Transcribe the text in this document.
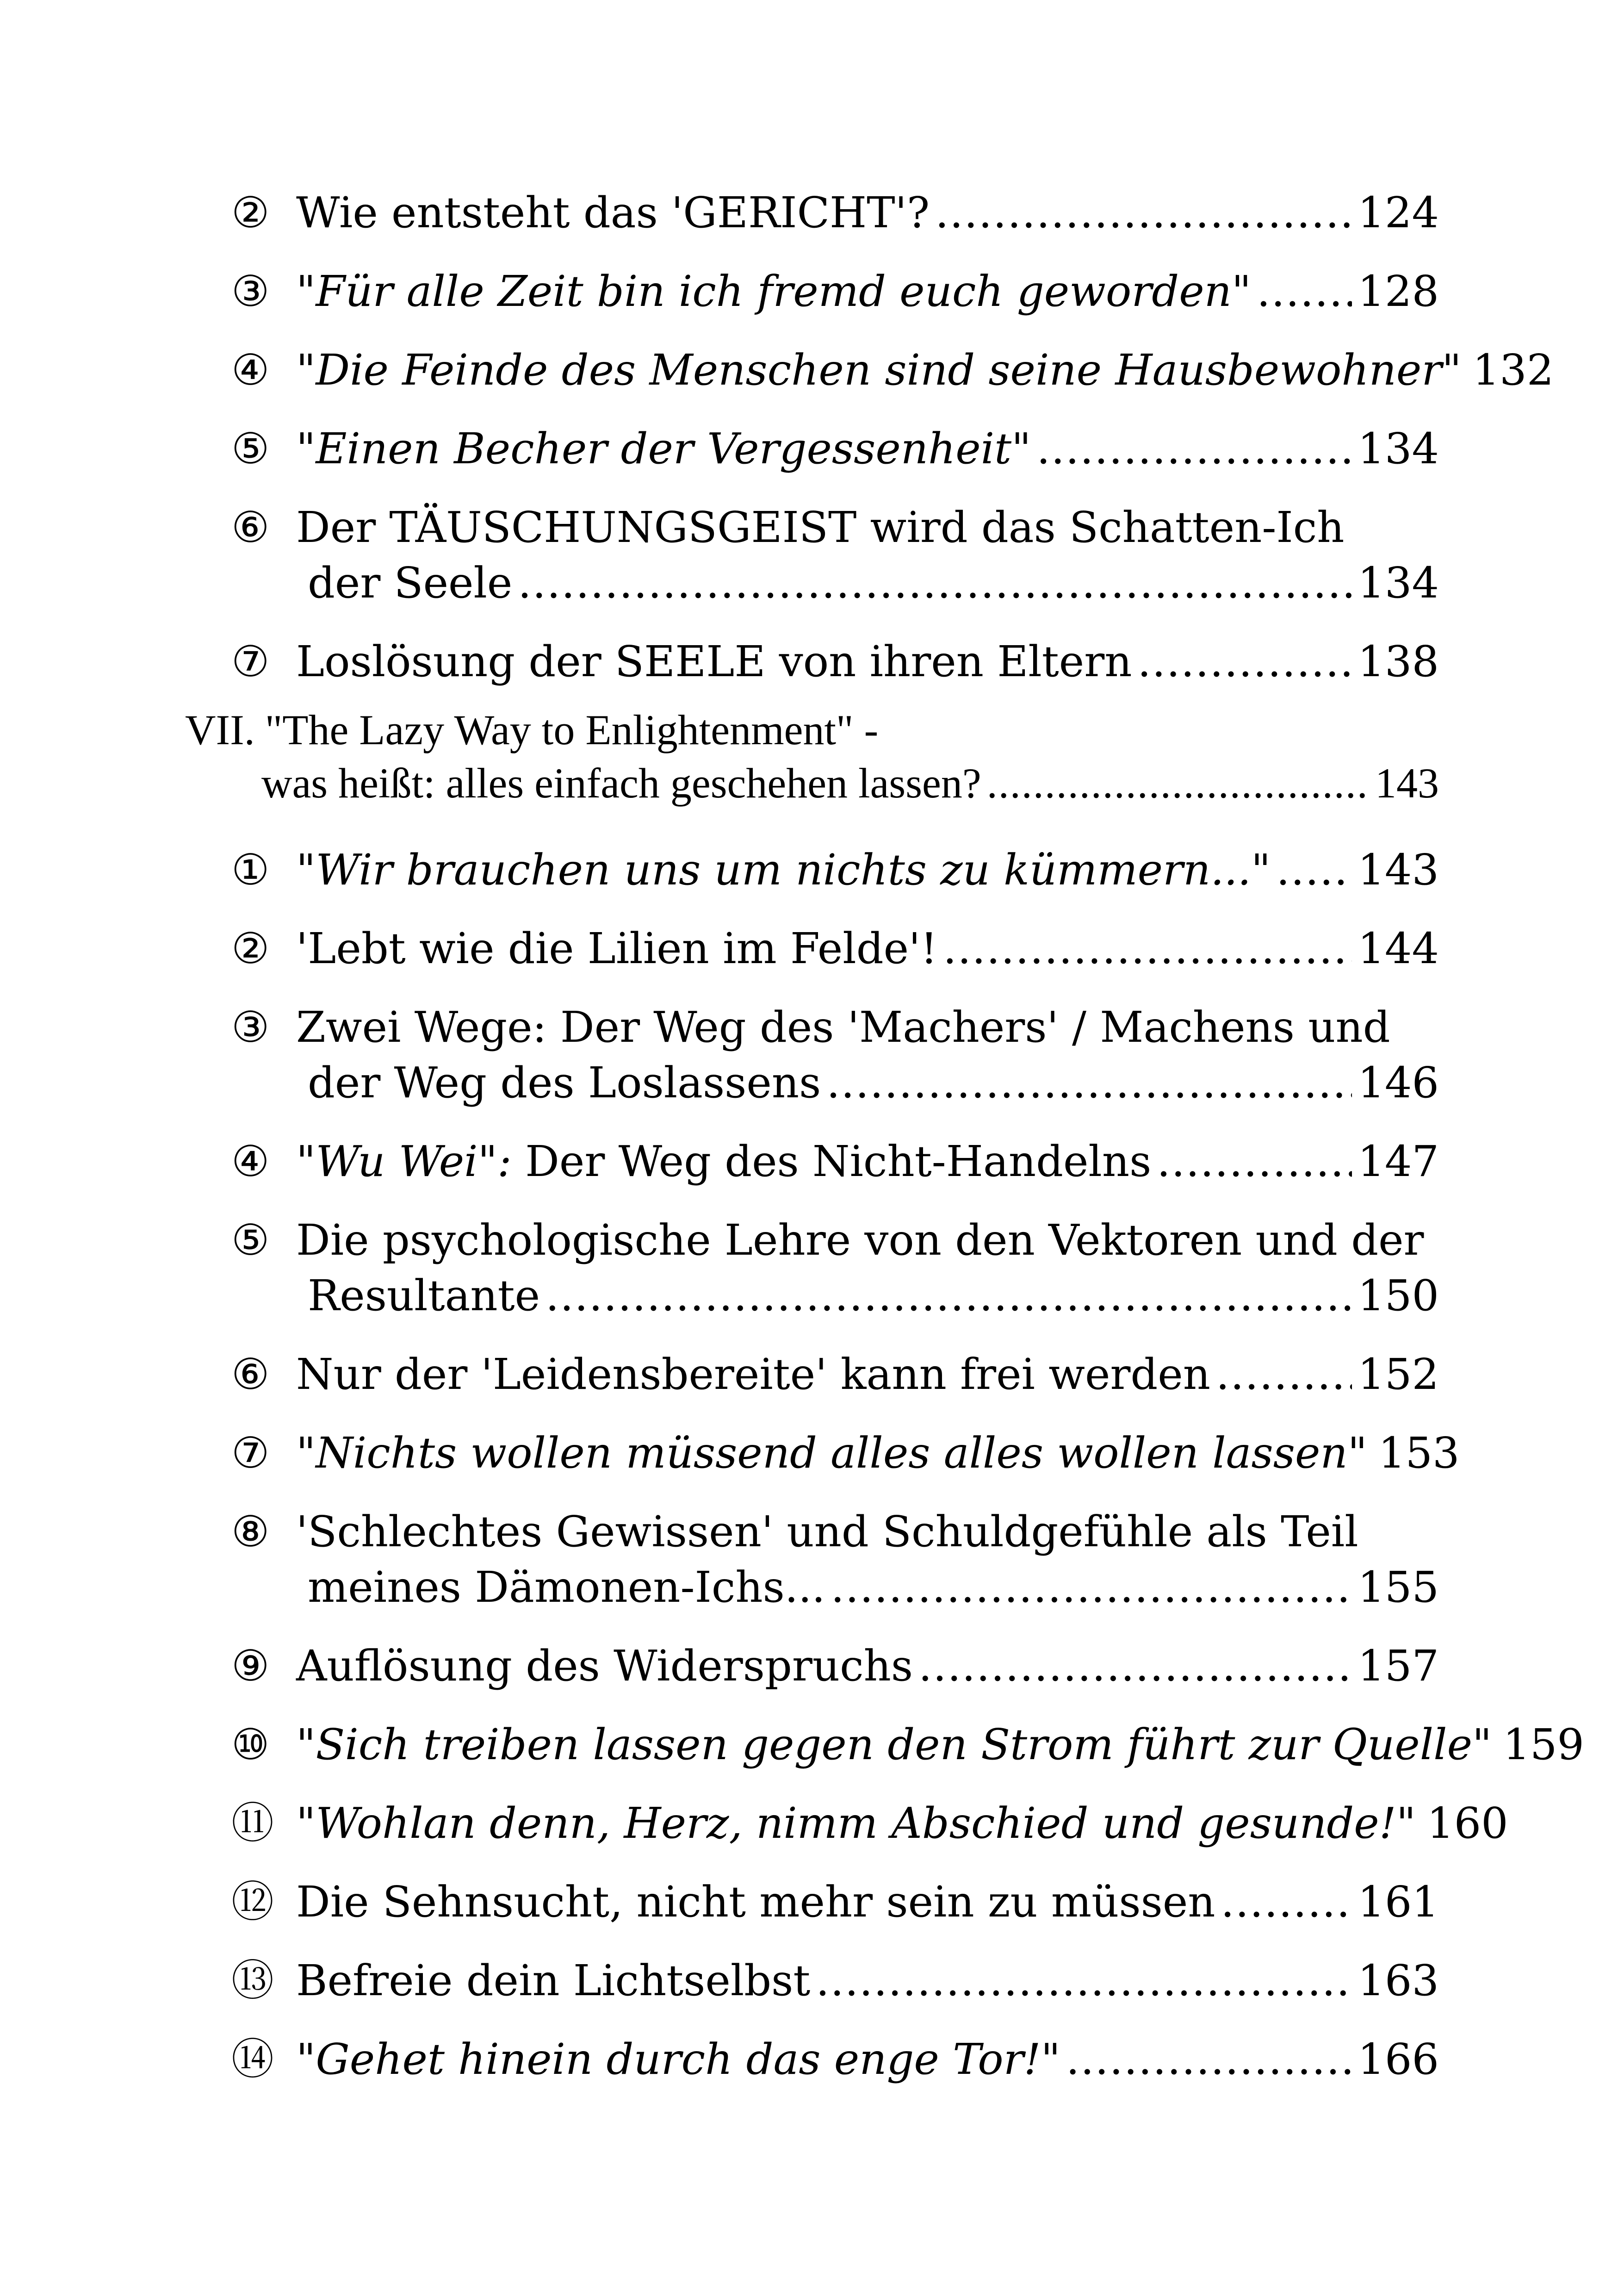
② Wie entsteht das 'GERICHT'? .....	124
③ "Für alle Zeit bin ich fremd euch geworden" .....	128
④ "Die Feinde des Menschen sind seine Hausbewohner" 132
⑤ "Einen Becher der Vergessenheit" .....	134
⑥ Der TÄUSCHUNGSGEIST wird das Schatten-Ich
der Seele .....	134
⑦ Loslösung der SEELE von ihren Eltern .....	138
VII. "The Lazy Way to Enlightenment" -
was heißt: alles einfach geschehen lassen? .....	143
① "Wir brauchen uns um nichts zu kümmern..." ..... 143
② 'Lebt wie die Lilien im Felde'! .....	144
③ Zwei Wege: Der Weg des 'Machers' / Machens und
der Weg des Loslassens .....	146
④ "Wu Wei": Der Weg des Nicht-Handelns .....	147
⑤ Die psychologische Lehre von den Vektoren und der
Resultante .....	150
⑥ Nur der 'Leidensbereite' kann frei werden .....	152
⑦ "Nichts wollen müssend alles alles wollen lassen" 153
⑧ 'Schlechtes Gewissen' und Schuldgefühle als Teil
meines Dämonen-Ichs... .....	155
⑨ Auflösung des Widerspruchs .....	157
⑩ "Sich treiben lassen gegen den Strom führt zur Quelle" 159
⑪ "Wohlan denn, Herz, nimm Abschied und gesunde!" 160
⑫ Die Sehnsucht, nicht mehr sein zu müssen .....	161
⑬ Befreie dein Lichtselbst .....	163
⑭ "Gehet hinein durch das enge Tor!" .....	166
